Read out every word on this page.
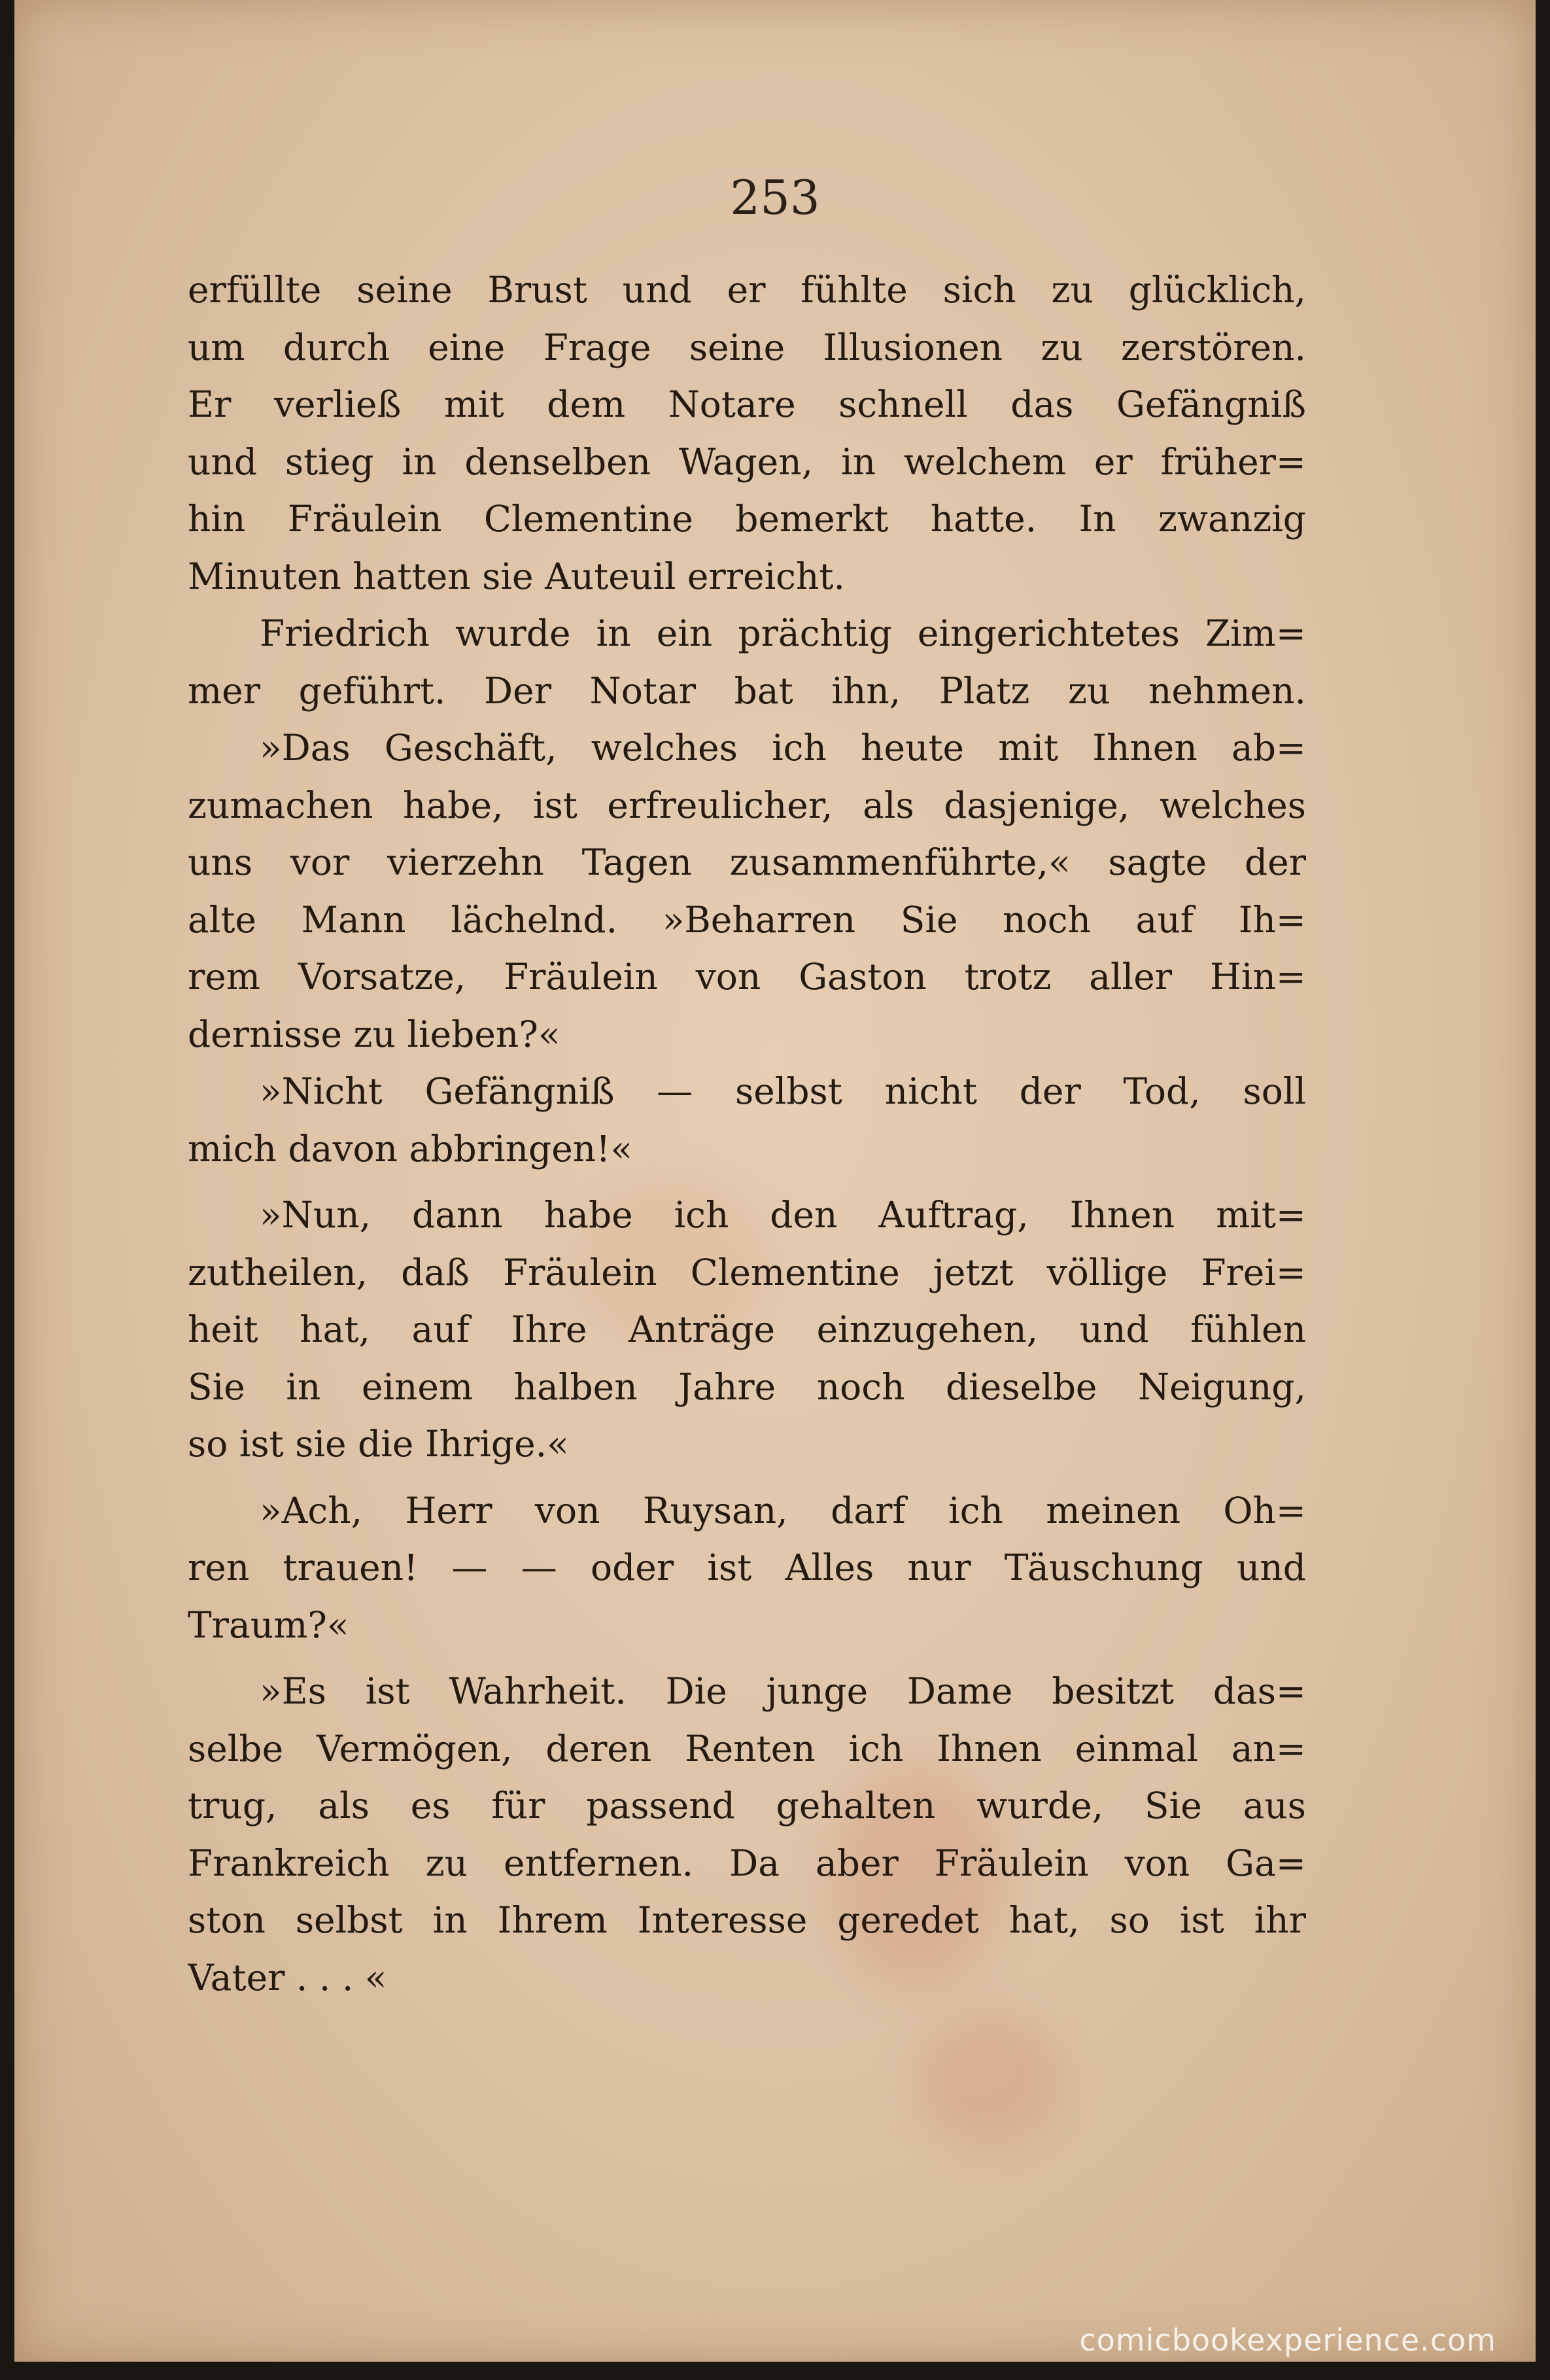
253
erfüllte seine Brust und er fühlte sich zu glücklich,
um durch eine Frage seine Illusionen zu zerstören.
Er verließ mit dem Notare schnell das Gefängniß
und stieg in denselben Wagen, in welchem er früher=
hin Fräulein Clementine bemerkt hatte. In zwanzig
Minuten hatten sie Auteuil erreicht.
Friedrich wurde in ein prächtig eingerichtetes Zim=
mer geführt. Der Notar bat ihn, Platz zu nehmen.
»Das Geschäft, welches ich heute mit Ihnen ab=
zumachen habe, ist erfreulicher, als dasjenige, welches
uns vor vierzehn Tagen zusammenführte,« sagte der
alte Mann lächelnd. »Beharren Sie noch auf Ih=
rem Vorsatze, Fräulein von Gaston trotz aller Hin=
dernisse zu lieben?«
»Nicht Gefängniß — selbst nicht der Tod, soll
mich davon abbringen!«
»Nun, dann habe ich den Auftrag, Ihnen mit=
zutheilen, daß Fräulein Clementine jetzt völlige Frei=
heit hat, auf Ihre Anträge einzugehen, und fühlen
Sie in einem halben Jahre noch dieselbe Neigung,
so ist sie die Ihrige.«
»Ach, Herr von Ruysan, darf ich meinen Oh=
ren trauen! — — oder ist Alles nur Täuschung und
Traum?«
»Es ist Wahrheit. Die junge Dame besitzt das=
selbe Vermögen, deren Renten ich Ihnen einmal an=
trug, als es für passend gehalten wurde, Sie aus
Frankreich zu entfernen. Da aber Fräulein von Ga=
ston selbst in Ihrem Interesse geredet hat, so ist ihr
Vater . . . «
comicbookexperience.com
